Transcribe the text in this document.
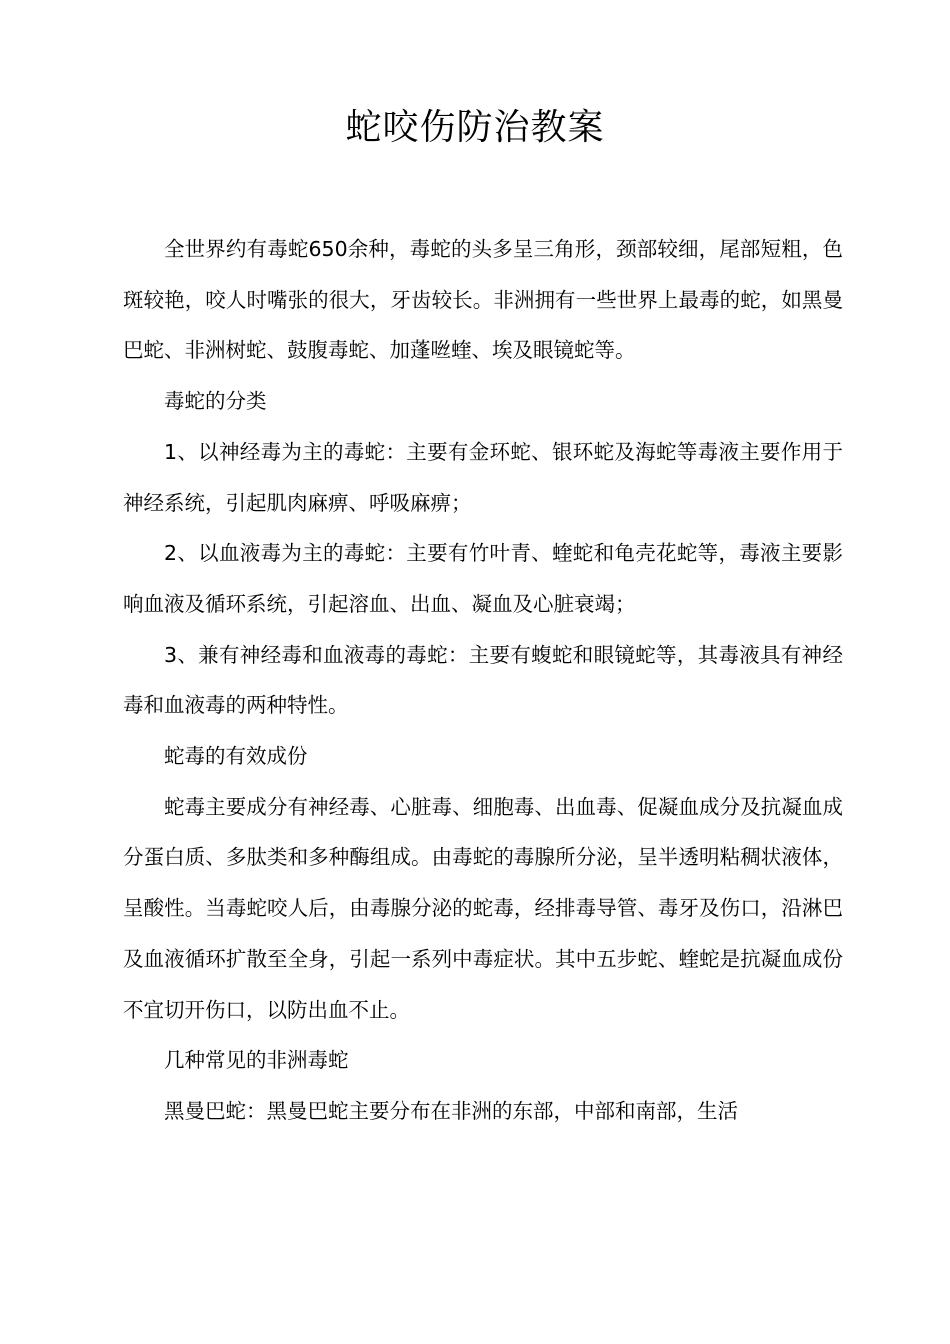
蛇咬伤防治教案

全世界约有毒蛇650余种，毒蛇的头多呈三角形，颈部较细，尾部短粗，色斑较艳，咬人时嘴张的很大，牙齿较长。非洲拥有一些世界上最毒的蛇，如黑曼巴蛇、非洲树蛇、鼓腹毒蛇、加蓬咝蝰、埃及眼镜蛇等。

毒蛇的分类

1、以神经毒为主的毒蛇：主要有金环蛇、银环蛇及海蛇等毒液主要作用于神经系统，引起肌肉麻痹、呼吸麻痹；

2、以血液毒为主的毒蛇：主要有竹叶青、蝰蛇和龟壳花蛇等，毒液主要影响血液及循环系统，引起溶血、出血、凝血及心脏衰竭；

3、兼有神经毒和血液毒的毒蛇：主要有蝮蛇和眼镜蛇等，其毒液具有神经毒和血液毒的两种特性。

蛇毒的有效成份

蛇毒主要成分有神经毒、心脏毒、细胞毒、出血毒、促凝血成分及抗凝血成分蛋白质、多肽类和多种酶组成。由毒蛇的毒腺所分泌，呈半透明粘稠状液体，呈酸性。当毒蛇咬人后，由毒腺分泌的蛇毒，经排毒导管、毒牙及伤口，沿淋巴及血液循环扩散至全身，引起一系列中毒症状。其中五步蛇、蝰蛇是抗凝血成份不宜切开伤口，以防出血不止。

几种常见的非洲毒蛇

黑曼巴蛇：黑曼巴蛇主要分布在非洲的东部，中部和南部，生活
